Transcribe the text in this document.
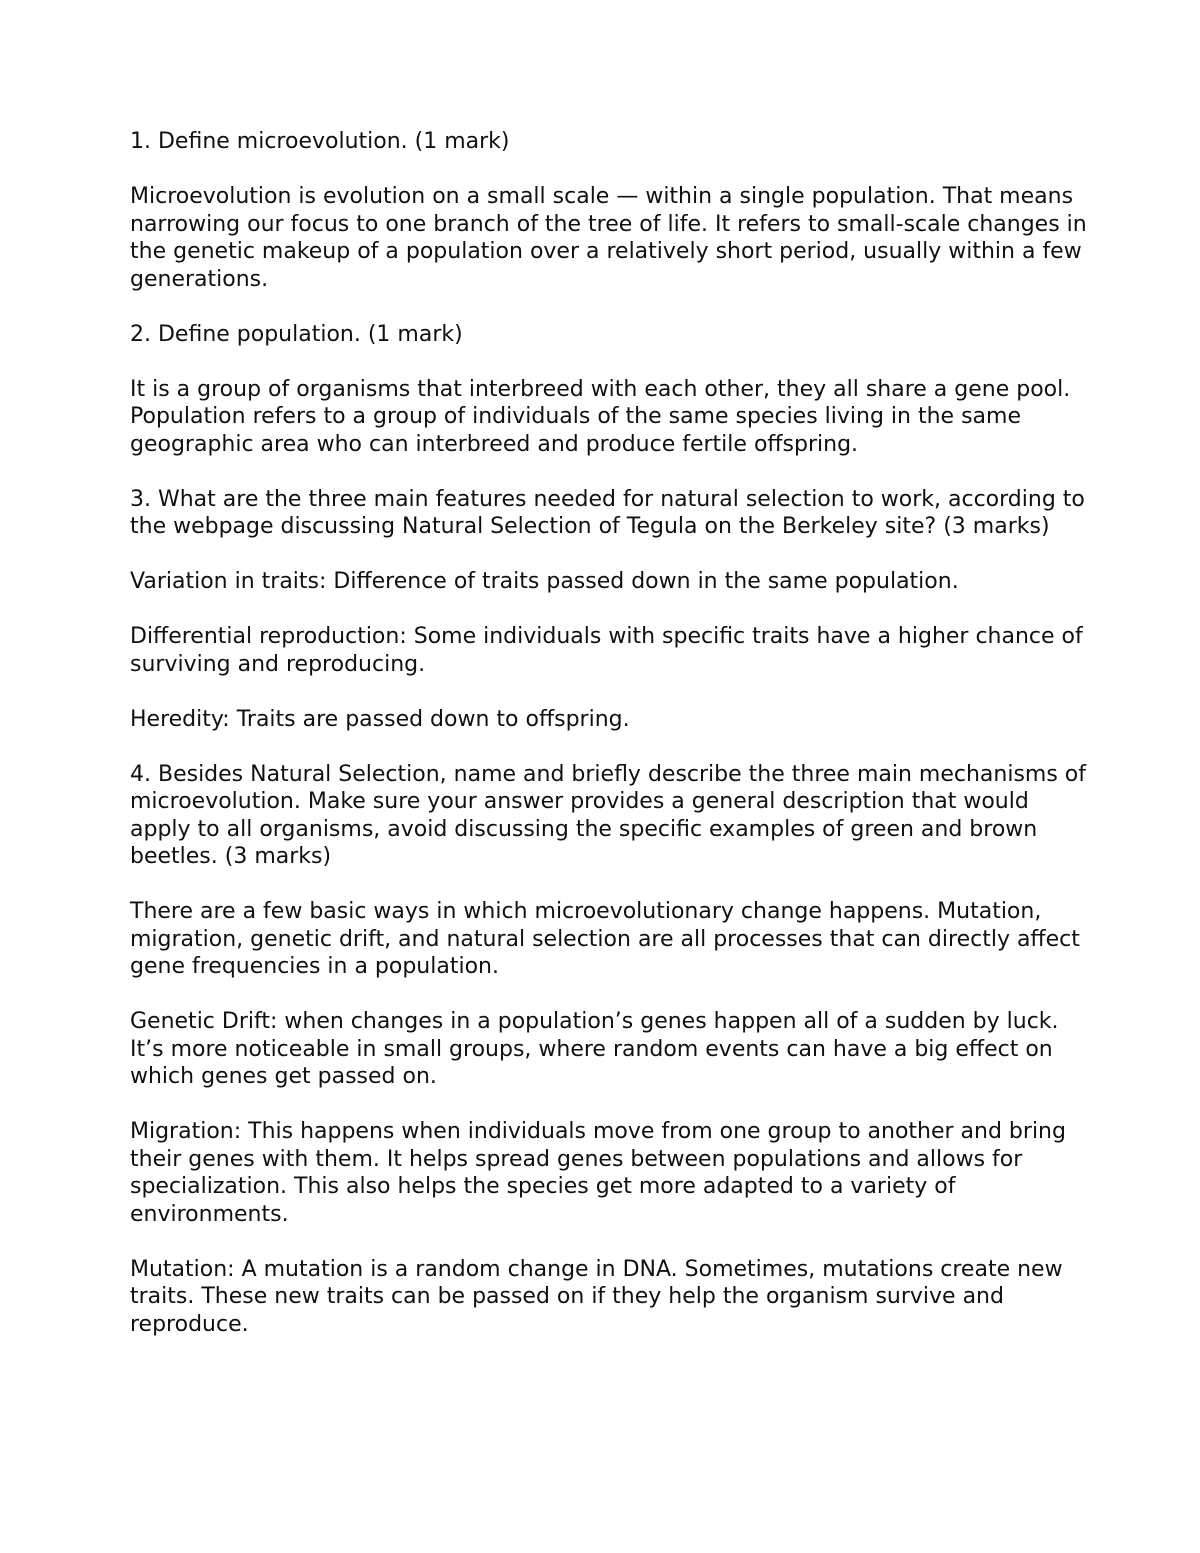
1. Define microevolution. (1 mark)

Microevolution is evolution on a small scale — within a single population. That means narrowing our focus to one branch of the tree of life. It refers to small-scale changes in the genetic makeup of a population over a relatively short period, usually within a few generations.

2. Define population. (1 mark)

It is a group of organisms that interbreed with each other, they all share a gene pool. Population refers to a group of individuals of the same species living in the same geographic area who can interbreed and produce fertile offspring.

3. What are the three main features needed for natural selection to work, according to the webpage discussing Natural Selection of Tegula on the Berkeley site? (3 marks)

Variation in traits: Difference of traits passed down in the same population.

Differential reproduction: Some individuals with specific traits have a higher chance of surviving and reproducing.

Heredity: Traits are passed down to offspring.

4. Besides Natural Selection, name and briefly describe the three main mechanisms of microevolution. Make sure your answer provides a general description that would apply to all organisms, avoid discussing the specific examples of green and brown beetles. (3 marks)

There are a few basic ways in which microevolutionary change happens. Mutation, migration, genetic drift, and natural selection are all processes that can directly affect gene frequencies in a population.

Genetic Drift: when changes in a population’s genes happen all of a sudden by luck. It’s more noticeable in small groups, where random events can have a big effect on which genes get passed on.

Migration: This happens when individuals move from one group to another and bring their genes with them. It helps spread genes between populations and allows for specialization. This also helps the species get more adapted to a variety of environments.

Mutation: A mutation is a random change in DNA. Sometimes, mutations create new traits. These new traits can be passed on if they help the organism survive and reproduce.
